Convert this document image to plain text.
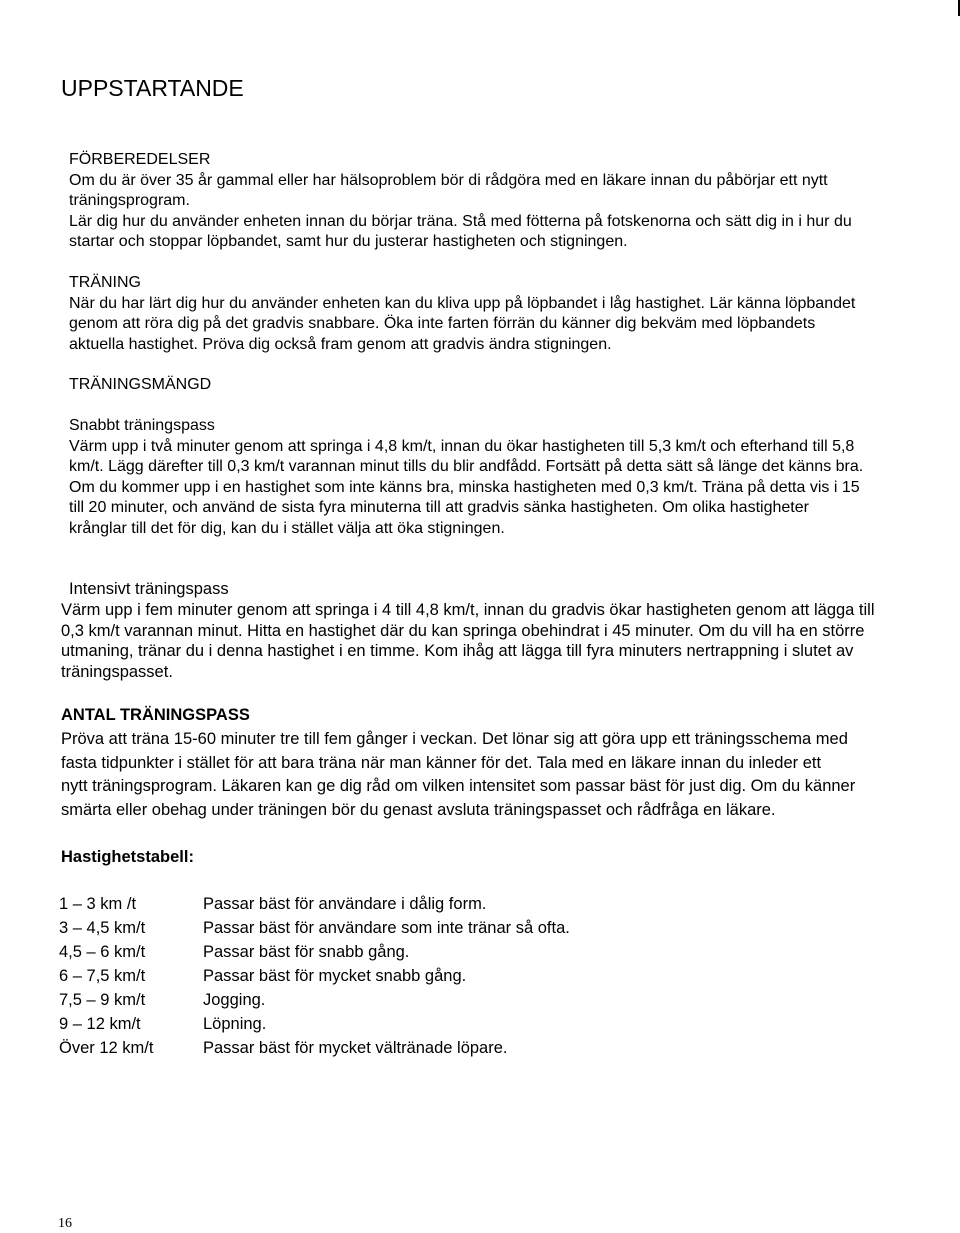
UPPSTARTANDE
FÖRBEREDELSER
Om du är över 35 år gammal eller har hälsoproblem bör di rådgöra med en läkare innan du påbörjar ett nytt
träningsprogram.
Lär dig hur du använder enheten innan du börjar träna. Stå med fötterna på fotskenorna och sätt dig in i hur du
startar och stoppar löpbandet, samt hur du justerar hastigheten och stigningen.
TRÄNING
När du har lärt dig hur du använder enheten kan du kliva upp på löpbandet i låg hastighet. Lär känna löpbandet
genom att röra dig på det gradvis snabbare. Öka inte farten förrän du känner dig bekväm med löpbandets
aktuella hastighet. Pröva dig också fram genom att gradvis ändra stigningen.
TRÄNINGSMÄNGD
Snabbt träningspass
Värm upp i två minuter genom att springa i 4,8 km/t, innan du ökar hastigheten till 5,3 km/t och efterhand till 5,8
km/t. Lägg därefter till 0,3 km/t varannan minut tills du blir andfådd. Fortsätt på detta sätt så länge det känns bra.
Om du kommer upp i en hastighet som inte känns bra, minska hastigheten med 0,3 km/t. Träna på detta vis i 15
till 20 minuter, och använd de sista fyra minuterna till att gradvis sänka hastigheten. Om olika hastigheter
krånglar till det för dig, kan du i stället välja att öka stigningen.
Intensivt träningspass
Värm upp i fem minuter genom att springa i 4 till 4,8 km/t, innan du gradvis ökar hastigheten genom att lägga till
0,3 km/t varannan minut. Hitta en hastighet där du kan springa obehindrat i 45 minuter. Om du vill ha en större
utmaning, tränar du i denna hastighet i en timme. Kom ihåg att lägga till fyra minuters nertrappning i slutet av
träningspasset.
ANTAL TRÄNINGSPASS
Pröva att träna 15-60 minuter tre till fem gånger i veckan. Det lönar sig att göra upp ett träningsschema med
fasta tidpunkter i stället för att bara träna när man känner för det. Tala med en läkare innan du inleder ett
nytt träningsprogram. Läkaren kan ge dig råd om vilken intensitet som passar bäst för just dig. Om du känner
smärta eller obehag under träningen bör du genast avsluta träningspasset och rådfråga en läkare.
Hastighetstabell:
1 – 3 km /t
3 – 4,5 km/t
4,5 – 6 km/t
6 – 7,5 km/t
7,5 – 9 km/t
9 – 12 km/t
Över 12 km/t
Passar bäst för användare i dålig form.
Passar bäst för användare som inte tränar så ofta.
Passar bäst för snabb gång.
Passar bäst för mycket snabb gång.
Jogging.
Löpning.
Passar bäst för mycket vältränade löpare.
16
